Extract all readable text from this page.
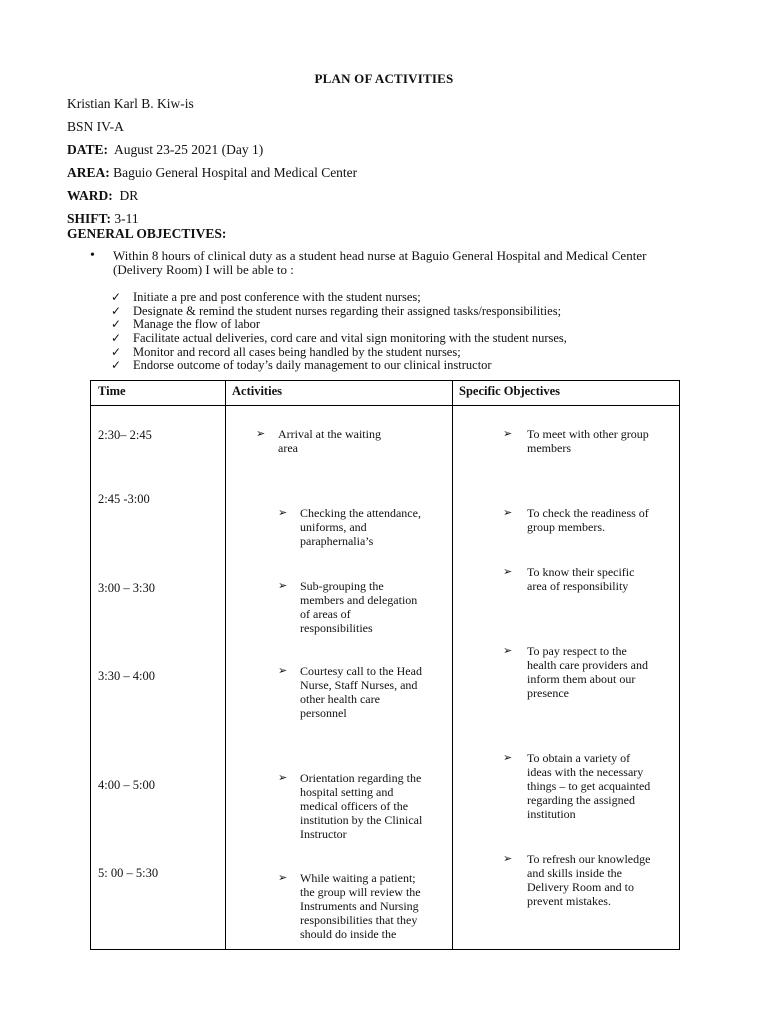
PLAN OF ACTIVITIES
Kristian Karl B. Kiw-is
BSN IV-A
DATE: August 23-25 2021 (Day 1)
AREA: Baguio General Hospital and Medical Center
WARD: DR
SHIFT: 3-11
GENERAL OBJECTIVES:
• Within 8 hours of clinical duty as a student head nurse at Baguio General Hospital and Medical Center
(Delivery Room) I will be able to :
✓ Initiate a pre and post conference with the student nurses;
✓ Designate & remind the student nurses regarding their assigned tasks/responsibilities;
✓ Manage the flow of labor
✓ Facilitate actual deliveries, cord care and vital sign monitoring with the student nurses,
✓ Monitor and record all cases being handled by the student nurses;
✓ Endorse outcome of today’s daily management to our clinical instructor
Time	Activities	Specific Objectives
2:30– 2:45
2:45 -3:00
3:00 – 3:30
3:30 – 4:00
4:00 – 5:00
5: 00 – 5:30
➢ Arrival at the waiting
area
➢ Checking the attendance,
uniforms, and
paraphernalia’s
➢ Sub-grouping the
members and delegation
of areas of
responsibilities
➢ Courtesy call to the Head
Nurse, Staff Nurses, and
other health care
personnel
➢ Orientation regarding the
hospital setting and
medical officers of the
institution by the Clinical
Instructor
➢ While waiting a patient;
the group will review the
Instruments and Nursing
responsibilities that they
should do inside the
➢ To meet with other group
members
➢ To check the readiness of
group members.
➢ To know their specific
area of responsibility
➢ To pay respect to the
health care providers and
inform them about our
presence
➢ To obtain a variety of
ideas with the necessary
things – to get acquainted
regarding the assigned
institution
➢ To refresh our knowledge
and skills inside the
Delivery Room and to
prevent mistakes.
